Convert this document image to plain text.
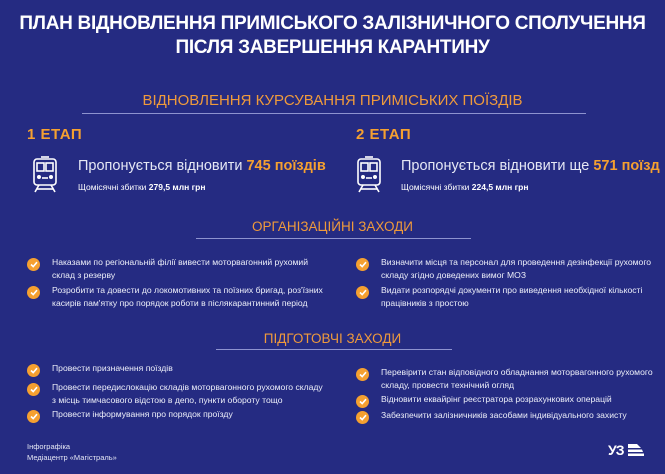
ПЛАН ВІДНОВЛЕННЯ ПРИМІСЬКОГО ЗАЛІЗНИЧНОГО СПОЛУЧЕННЯ
ПІСЛЯ ЗАВЕРШЕННЯ КАРАНТИНУ
ВІДНОВЛЕННЯ КУРСУВАННЯ ПРИМІСЬКИХ ПОЇЗДІВ
1 ЕТАП
Пропонується відновити 745 поїздів
Щомісячні збитки 279,5 млн грн
2 ЕТАП
Пропонується відновити ще 571 поїзд
Щомісячні збитки 224,5 млн грн
ОРГАНІЗАЦІЙНІ ЗАХОДИ
Наказами по регіональній філії вивести моторвагонний рухомий склад з резерву
Розробити та довести до локомотивних та поїзних бригад, роз'їзних касирів пам'ятку про порядок роботи в післякарантинний період
Визначити місця та персонал для проведення дезінфекції рухомого складу згідно доведених вимог МОЗ
Видати розпорядчі документи про виведення необхідної кількості працівників з простою
ПІДГОТОВЧІ ЗАХОДИ
Провести призначення поїздів
Провести передислокацію складів моторвагонного рухомого складу з місць тимчасового відстою в депо, пункти обороту тощо
Провести інформування про порядок проїзду
Перевірити стан відповідного обладнання моторвагонного рухомого складу, провести технічний огляд
Відновити еквайрінг реєстратора розрахункових операцій
Забезпечити залізничників засобами індивідуального захисту
Інфографіка
Медіацентр «Магістраль»	УЗ
